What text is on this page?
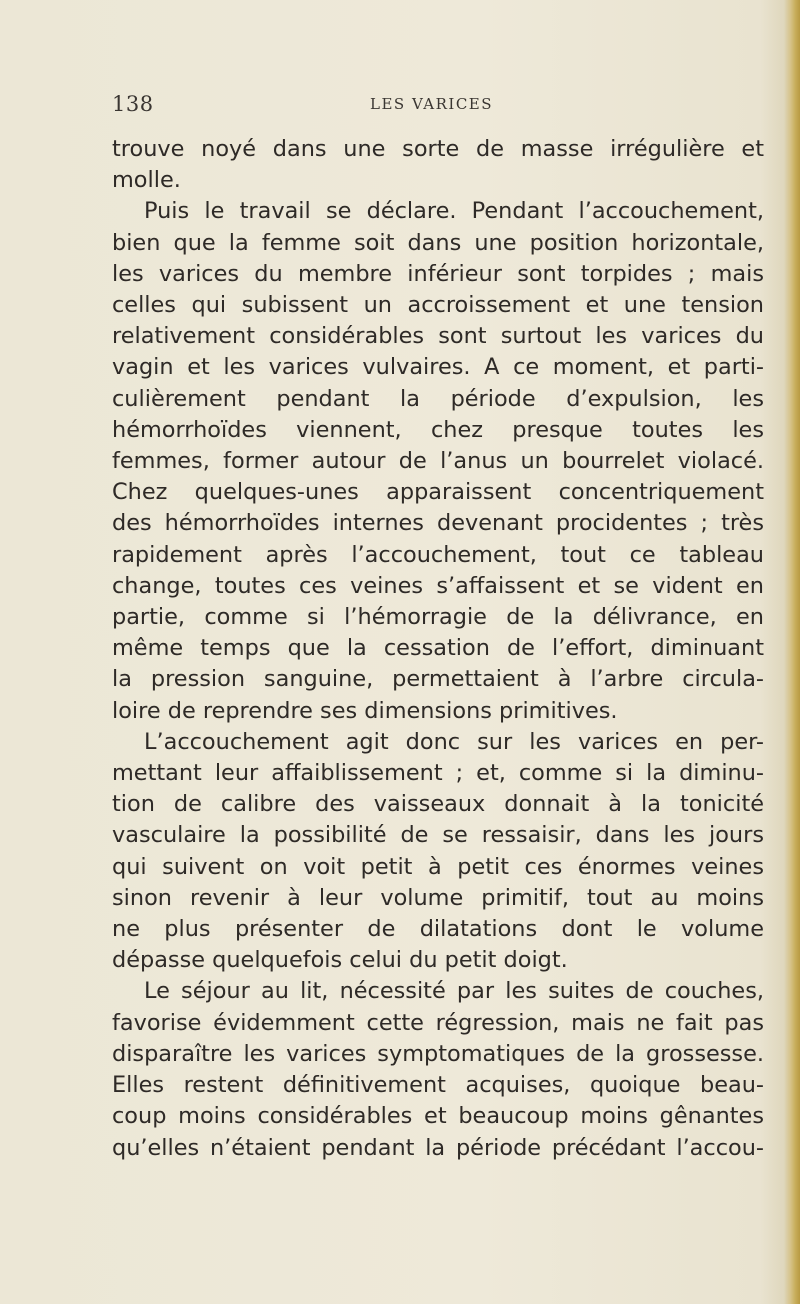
138	LES VARICES

trouve noyé dans une sorte de masse irrégulière et

molle.

Puis le travail se déclare. Pendant l’accouchement,

bien que la femme soit dans une position horizontale,

les varices du membre inférieur sont torpides ; mais

celles qui subissent un accroissement et une tension

relativement considérables sont surtout les varices du

vagin et les varices vulvaires. A ce moment, et parti-

culièrement pendant la période d’expulsion, les

hémorrhoïdes viennent, chez presque toutes les

femmes, former autour de l’anus un bourrelet violacé.

Chez quelques-unes apparaissent concentriquement

des hémorrhoïdes internes devenant procidentes ; très

rapidement après l’accouchement, tout ce tableau

change, toutes ces veines s’affaissent et se vident en

partie, comme si l’hémorragie de la délivrance, en

même temps que la cessation de l’effort, diminuant

la pression sanguine, permettaient à l’arbre circula-

loire de reprendre ses dimensions primitives.

L’accouchement agit donc sur les varices en per-

mettant leur affaiblissement ; et, comme si la diminu-

tion de calibre des vaisseaux donnait à la tonicité

vasculaire la possibilité de se ressaisir, dans les jours

qui suivent on voit petit à petit ces énormes veines

sinon revenir à leur volume primitif, tout au moins

ne plus présenter de dilatations dont le volume

dépasse quelquefois celui du petit doigt.

Le séjour au lit, nécessité par les suites de couches,

favorise évidemment cette régression, mais ne fait pas

disparaître les varices symptomatiques de la grossesse.

Elles restent définitivement acquises, quoique beau-

coup moins considérables et beaucoup moins gênantes

qu’elles n’étaient pendant la période précédant l’accou-
